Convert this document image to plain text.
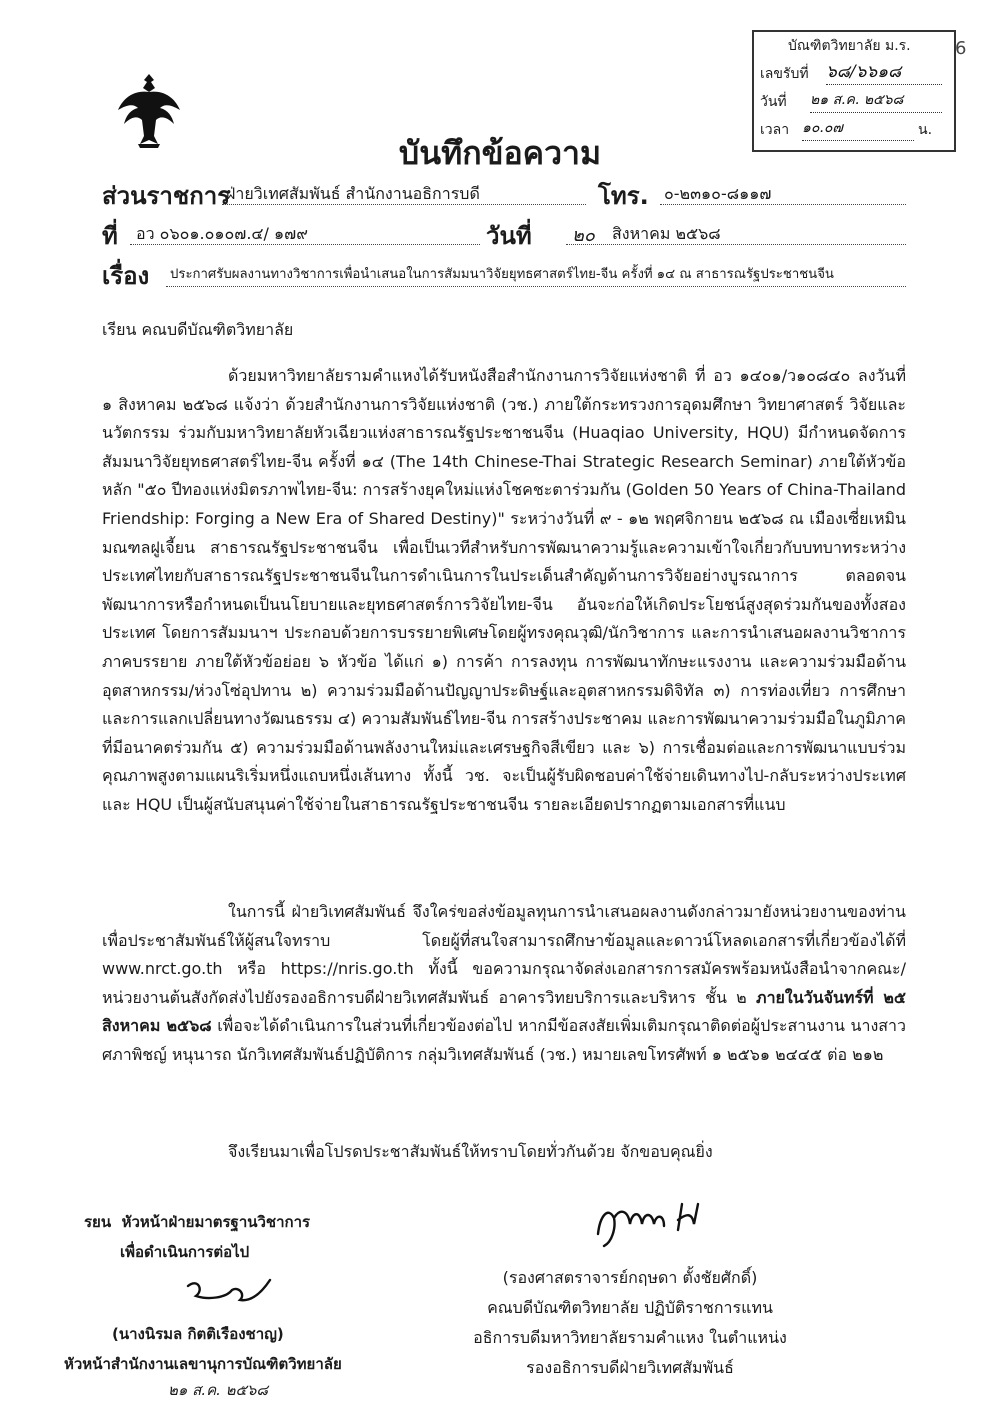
บัณฑิตวิทยาลัย ม.ร.
เลขรับที่ ๖๘/๖๖๑๘
วันที่ ๒๑ ส.ค. ๒๕๖๘
เวลา ๑๐.๐๗	น.
6
บันทึกข้อความ
ส่วนราชการ
ฝ่ายวิเทศสัมพันธ์ สำนักงานอธิการบดี	โทร. ๐-๒๓๑๐-๘๑๑๗
ที่ อว ๐๖๐๑.๐๑๐๗.๔/ ๑๗๙	วันที่ ๒๐ สิงหาคม ๒๕๖๘
เรื่อง ประกาศรับผลงานทางวิชาการเพื่อนำเสนอในการสัมมนาวิจัยยุทธศาสตร์ไทย-จีน ครั้งที่ ๑๔ ณ สาธารณรัฐประชาชนจีน
เรียน คณบดีบัณฑิตวิทยาลัย
ด้วยมหาวิทยาลัยรามคำแหงได้รับหนังสือสำนักงานการวิจัยแห่งชาติ ที่ อว ๑๔๐๑/ว๑๐๘๔๐ ลงวันที่ ๑ สิงหาคม ๒๕๖๘ แจ้งว่า ด้วยสำนักงานการวิจัยแห่งชาติ (วช.) ภายใต้กระทรวงการอุดมศึกษา วิทยาศาสตร์ วิจัยและนวัตกรรม ร่วมกับมหาวิทยาลัยหัวเฉียวแห่งสาธารณรัฐประชาชนจีน (Huaqiao University, HQU) มีกำหนดจัดการสัมมนาวิจัยยุทธศาสตร์ไทย-จีน ครั้งที่ ๑๔ (The 14th Chinese-Thai Strategic Research Seminar) ภายใต้หัวข้อหลัก "๕๐ ปีทองแห่งมิตรภาพไทย-จีน: การสร้างยุคใหม่แห่งโชคชะตาร่วมกัน (Golden 50 Years of China-Thailand Friendship: Forging a New Era of Shared Destiny)" ระหว่างวันที่ ๙ - ๑๒ พฤศจิกายน ๒๕๖๘ ณ เมืองเซี่ยเหมิน มณฑลฝูเจี้ยน สาธารณรัฐประชาชนจีน เพื่อเป็นเวทีสำหรับการพัฒนาความรู้และความเข้าใจเกี่ยวกับบทบาทระหว่างประเทศไทยกับสาธารณรัฐประชาชนจีนในการดำเนินการในประเด็นสำคัญด้านการวิจัยอย่างบูรณาการ ตลอดจนพัฒนาการหรือกำหนดเป็นนโยบายและยุทธศาสตร์การวิจัยไทย-จีน อันจะก่อให้เกิดประโยชน์สูงสุดร่วมกันของทั้งสองประเทศ โดยการสัมมนาฯ ประกอบด้วยการบรรยายพิเศษโดยผู้ทรงคุณวุฒิ/นักวิชาการ และการนำเสนอผลงานวิชาการภาคบรรยาย ภายใต้หัวข้อย่อย ๖ หัวข้อ ได้แก่ ๑) การค้า การลงทุน การพัฒนาทักษะแรงงาน และความร่วมมือด้านอุตสาหกรรม/ห่วงโซ่อุปทาน ๒) ความร่วมมือด้านปัญญาประดิษฐ์และอุตสาหกรรมดิจิทัล ๓) การท่องเที่ยว การศึกษา และการแลกเปลี่ยนทางวัฒนธรรม ๔) ความสัมพันธ์ไทย-จีน การสร้างประชาคม และการพัฒนาความร่วมมือในภูมิภาคที่มีอนาคตร่วมกัน ๕) ความร่วมมือด้านพลังงานใหม่และเศรษฐกิจสีเขียว และ ๖) การเชื่อมต่อและการพัฒนาแบบร่วมคุณภาพสูงตามแผนริเริ่มหนึ่งแถบหนึ่งเส้นทาง ทั้งนี้ วช. จะเป็นผู้รับผิดชอบค่าใช้จ่ายเดินทางไป-กลับระหว่างประเทศ และ HQU เป็นผู้สนับสนุนค่าใช้จ่ายในสาธารณรัฐประชาชนจีน รายละเอียดปรากฏตามเอกสารที่แนบ
ในการนี้ ฝ่ายวิเทศสัมพันธ์ จึงใคร่ขอส่งข้อมูลทุนการนำเสนอผลงานดังกล่าวมายังหน่วยงานของท่านเพื่อประชาสัมพันธ์ให้ผู้สนใจทราบ โดยผู้ที่สนใจสามารถศึกษาข้อมูลและดาวน์โหลดเอกสารที่เกี่ยวข้องได้ที่ www.nrct.go.th หรือ https://nris.go.th ทั้งนี้ ขอความกรุณาจัดส่งเอกสารการสมัครพร้อมหนังสือนำจากคณะ/หน่วยงานต้นสังกัดส่งไปยังรองอธิการบดีฝ่ายวิเทศสัมพันธ์ อาคารวิทยบริการและบริหาร ชั้น ๒ ภายในวันจันทร์ที่ ๒๕ สิงหาคม ๒๕๖๘ เพื่อจะได้ดำเนินการในส่วนที่เกี่ยวข้องต่อไป หากมีข้อสงสัยเพิ่มเติมกรุณาติดต่อผู้ประสานงาน นางสาวศภาพิชญ์ หนุนารถ นักวิเทศสัมพันธ์ปฏิบัติการ กลุ่มวิเทศสัมพันธ์ (วช.) หมายเลขโทรศัพท์ ๑ ๒๕๖๑ ๒๔๔๕ ต่อ ๒๑๒
จึงเรียนมาเพื่อโปรดประชาสัมพันธ์ให้ทราบโดยทั่วกันด้วย จักขอบคุณยิ่ง
รยน หัวหน้าฝ่ายมาตรฐานวิชาการ
เพื่อดำเนินการต่อไป
(นางนิรมล กิตติเรืองชาญ)
หัวหน้าสำนักงานเลขานุการบัณฑิตวิทยาลัย
๒๑ ส.ค. ๒๕๖๘
(รองศาสตราจารย์กฤษดา ตั้งชัยศักดิ์)
คณบดีบัณฑิตวิทยาลัย ปฏิบัติราชการแทน
อธิการบดีมหาวิทยาลัยรามคำแหง ในตำแหน่ง
รองอธิการบดีฝ่ายวิเทศสัมพันธ์
